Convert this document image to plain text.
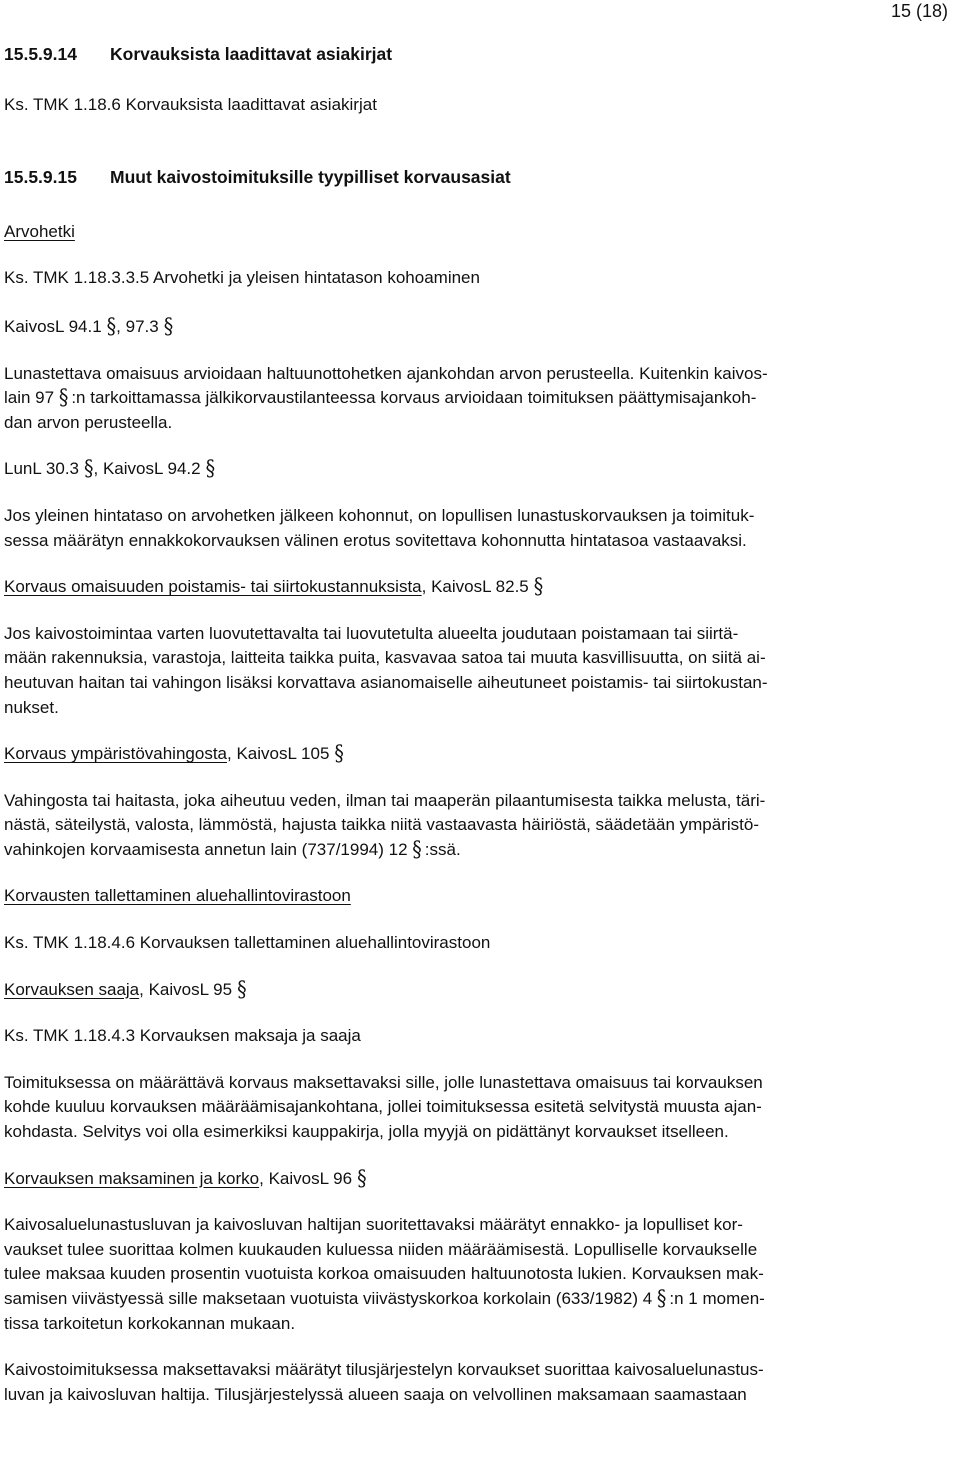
15 (18)

15.5.9.14 Korvauksista laadittavat asiakirjat

Ks. TMK 1.18.6 Korvauksista laadittavat asiakirjat

15.5.9.15 Muut kaivostoimituksille tyypilliset korvausasiat

Arvohetki

Ks. TMK 1.18.3.3.5 Arvohetki ja yleisen hintatason kohoaminen

KaivosL 94.1 §, 97.3 §

Lunastettava omaisuus arvioidaan haltuunottohetken ajankohdan arvon perusteella. Kuitenkin kaivos-
lain 97 § :n tarkoittamassa jälkikorvaustilanteessa korvaus arvioidaan toimituksen päättymisajankoh-
dan arvon perusteella.

LunL 30.3 §, KaivosL 94.2 §

Jos yleinen hintataso on arvohetken jälkeen kohonnut, on lopullisen lunastuskorvauksen ja toimituk-
sessa määrätyn ennakkokorvauksen välinen erotus sovitettava kohonnutta hintatasoa vastaavaksi.

Korvaus omaisuuden poistamis- tai siirtokustannuksista, KaivosL 82.5 §

Jos kaivostoimintaa varten luovutettavalta tai luovutetulta alueelta joudutaan poistamaan tai siirtä-
mään rakennuksia, varastoja, laitteita taikka puita, kasvavaa satoa tai muuta kasvillisuutta, on siitä ai-
heutuvan haitan tai vahingon lisäksi korvattava asianomaiselle aiheutuneet poistamis- tai siirtokustan-
nukset.

Korvaus ympäristövahingosta, KaivosL 105 §

Vahingosta tai haitasta, joka aiheutuu veden, ilman tai maaperän pilaantumisesta taikka melusta, täri-
nästä, säteilystä, valosta, lämmöstä, hajusta taikka niitä vastaavasta häiriöstä, säädetään ympäristö-
vahinkojen korvaamisesta annetun lain (737/1994) 12 § :ssä.

Korvausten tallettaminen aluehallintovirastoon

Ks. TMK 1.18.4.6 Korvauksen tallettaminen aluehallintovirastoon

Korvauksen saaja, KaivosL 95 §

Ks. TMK 1.18.4.3 Korvauksen maksaja ja saaja

Toimituksessa on määrättävä korvaus maksettavaksi sille, jolle lunastettava omaisuus tai korvauksen
kohde kuuluu korvauksen määräämisajankohtana, jollei toimituksessa esitetä selvitystä muusta ajan-
kohdasta. Selvitys voi olla esimerkiksi kauppakirja, jolla myyjä on pidättänyt korvaukset itselleen.

Korvauksen maksaminen ja korko, KaivosL 96 §

Kaivosaluelunastusluvan ja kaivosluvan haltijan suoritettavaksi määrätyt ennakko- ja lopulliset kor-
vaukset tulee suorittaa kolmen kuukauden kuluessa niiden määräämisestä. Lopulliselle korvaukselle
tulee maksaa kuuden prosentin vuotuista korkoa omaisuuden haltuunotosta lukien. Korvauksen mak-
samisen viivästyessä sille maksetaan vuotuista viivästyskorkoa korkolain (633/1982) 4 § :n 1 momen-
tissa tarkoitetun korkokannan mukaan.
Kaivostoimituksessa maksettavaksi määrätyt tilusjärjestelyn korvaukset suorittaa kaivosaluelunastus-
luvan ja kaivosluvan haltija. Tilusjärjestelyssä alueen saaja on velvollinen maksamaan saamastaan
